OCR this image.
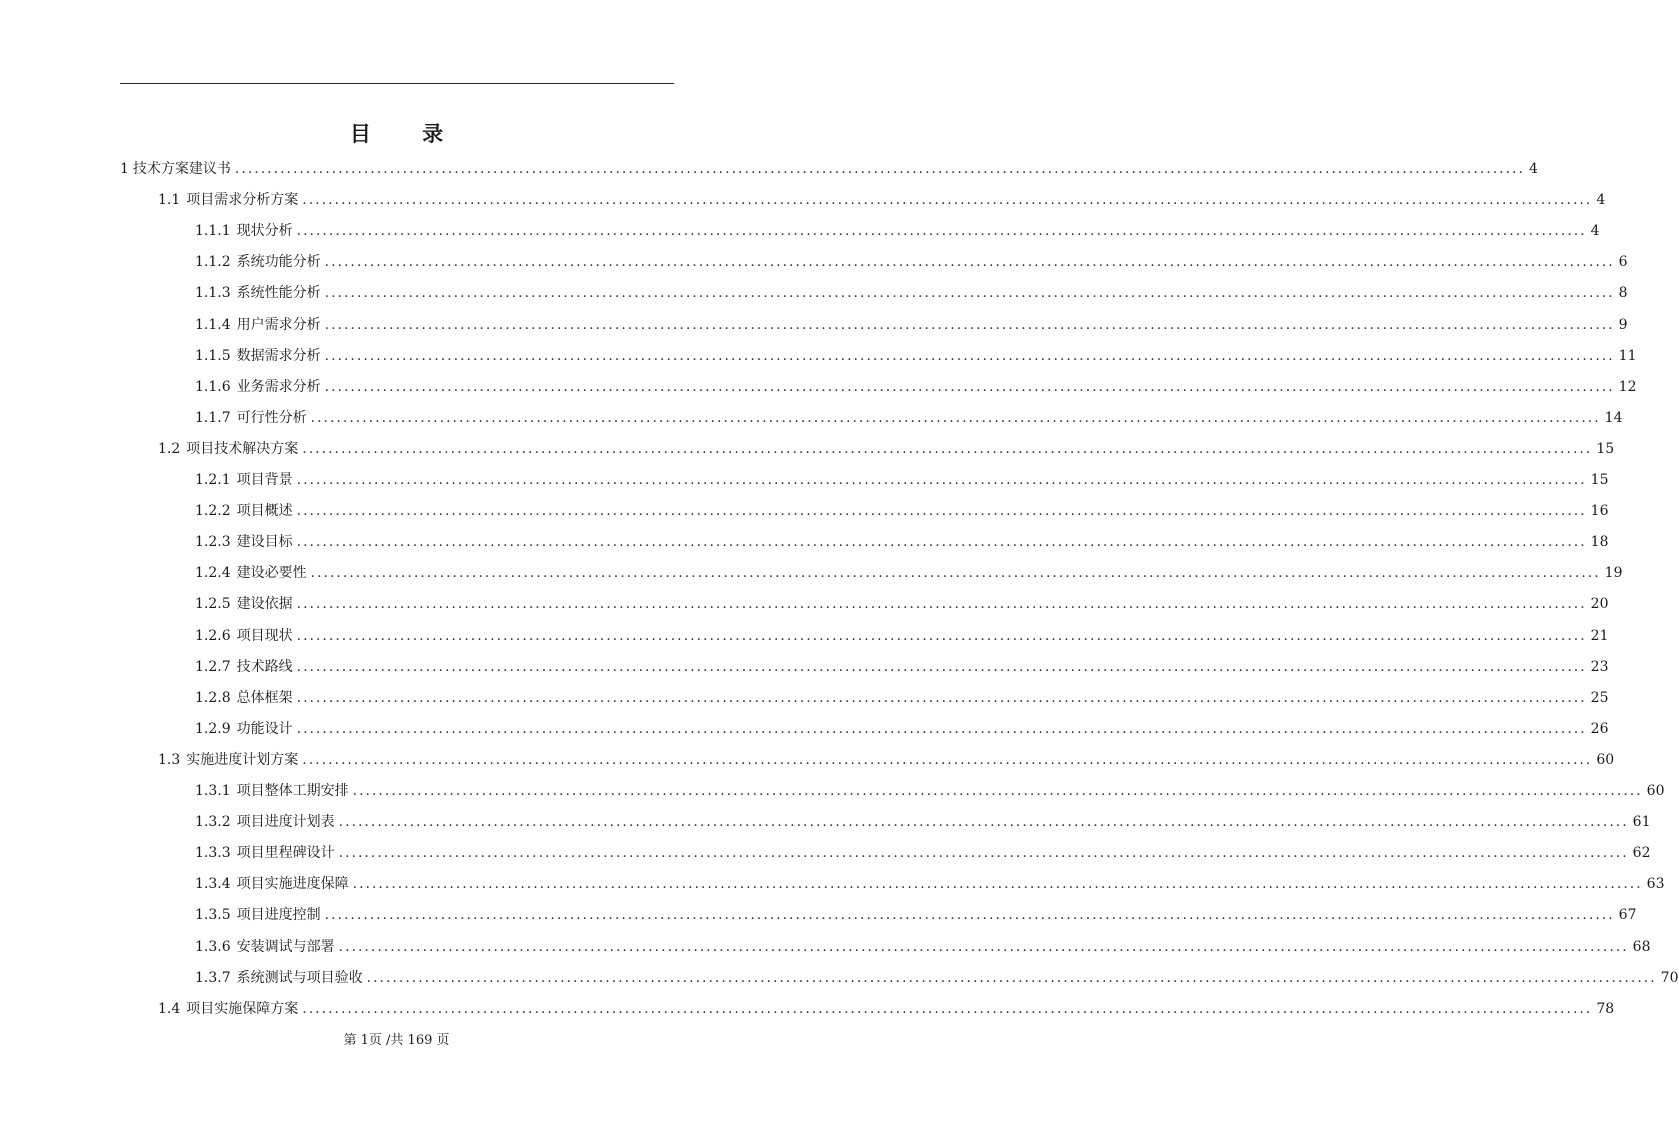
目 录
1 技术方案建议书 ........................................................................................................................................................................................................ 4
1.1 项目需求分析方案 ........................................................................................................................................................................................................ 4
1.1.1 现状分析 ........................................................................................................................................................................................................ 4
1.1.2 系统功能分析 ........................................................................................................................................................................................................ 6
1.1.3 系统性能分析 ........................................................................................................................................................................................................ 8
1.1.4 用户需求分析 ........................................................................................................................................................................................................ 9
1.1.5 数据需求分析 ........................................................................................................................................................................................................ 11
1.1.6 业务需求分析 ........................................................................................................................................................................................................ 12
1.1.7 可行性分析 ........................................................................................................................................................................................................ 14
1.2 项目技术解决方案 ........................................................................................................................................................................................................ 15
1.2.1 项目背景 ........................................................................................................................................................................................................ 15
1.2.2 项目概述 ........................................................................................................................................................................................................ 16
1.2.3 建设目标 ........................................................................................................................................................................................................ 18
1.2.4 建设必要性 ........................................................................................................................................................................................................ 19
1.2.5 建设依据 ........................................................................................................................................................................................................ 20
1.2.6 项目现状 ........................................................................................................................................................................................................ 21
1.2.7 技术路线 ........................................................................................................................................................................................................ 23
1.2.8 总体框架 ........................................................................................................................................................................................................ 25
1.2.9 功能设计 ........................................................................................................................................................................................................ 26
1.3 实施进度计划方案 ........................................................................................................................................................................................................ 60
1.3.1 项目整体工期安排 ........................................................................................................................................................................................................ 60
1.3.2 项目进度计划表 ........................................................................................................................................................................................................ 61
1.3.3 项目里程碑设计 ........................................................................................................................................................................................................ 62
1.3.4 项目实施进度保障 ........................................................................................................................................................................................................ 63
1.3.5 项目进度控制 ........................................................................................................................................................................................................ 67
1.3.6 安装调试与部署 ........................................................................................................................................................................................................ 68
1.3.7 系统测试与项目验收 ........................................................................................................................................................................................................ 70
1.4 项目实施保障方案 ........................................................................................................................................................................................................ 78
第 1页 /共 169 页
